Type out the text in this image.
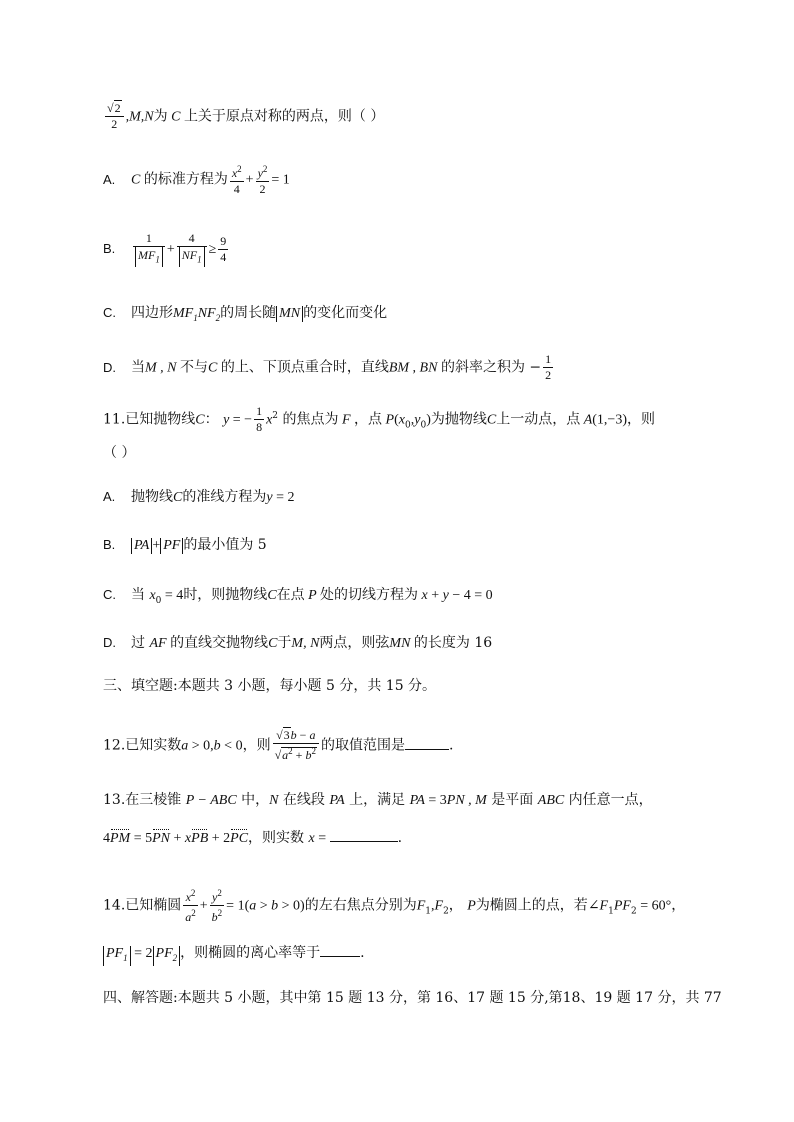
$\frac{√2}{2} ,M,N$为 C 上关于原点对称的两点，则（ ）
A. C 的标准方程为 $\frac{x^2}{4} + \frac{y^2}{2} = 1$
B. $\frac{1}{MF_1} + \frac{4}{NF_1} \ge \frac{9}{4}$
C. 四边形$MF_1NF_2$的周长随 MN 的变化而变化
D. 当M , N 不与C 的上、下顶点重合时，直线BM , BN 的斜率之积为 − $\frac{1}{2}$
11.已知抛物线C： y = − $\frac{1}{8} x^2$ 的焦点为 F ，点 $P(x_0,y_0)$为抛物线C上一动点，点 A(1,−3)，则
（ ）
A. 抛物线C的准线方程为y = 2
B. PA + PF 的最小值为 5
C. 当 $x_0 = 4$时，则抛物线C在点 P 处的切线方程为 x + y − 4 = 0
D. 过 AF 的直线交抛物线C于M, N两点，则弦MN 的长度为 16
三、填空题:本题共 3 小题，每小题 5 分，共 15 分。
12.已知实数a > 0,b < 0，则 $\frac{√3b - a}{√a^2 + b^2}$ 的取值范围是	.
13.在三棱锥 P − ABC 中，N 在线段 PA 上，满足 PA = 3PN , M 是平面 ABC 内任意一点，
4PM = 5PN + xPB + 2PC，则实数 x =	.
14.已知椭圆 $\frac{x^2}{a^2} + \frac{y^2}{b^2} = 1(a > b > 0)$的左右焦点分别为$F_1,F_2$， P为椭圆上的点，若$\angle F_1PF_2 = 60^\circ$，
$PF_1 = 2$ $PF_2$ ，则椭圆的离心率等于	.
四、解答题:本题共 5 小题，其中第 15 题 13 分，第 16、17 题 15 分,第18、19 题 17 分，共 77
